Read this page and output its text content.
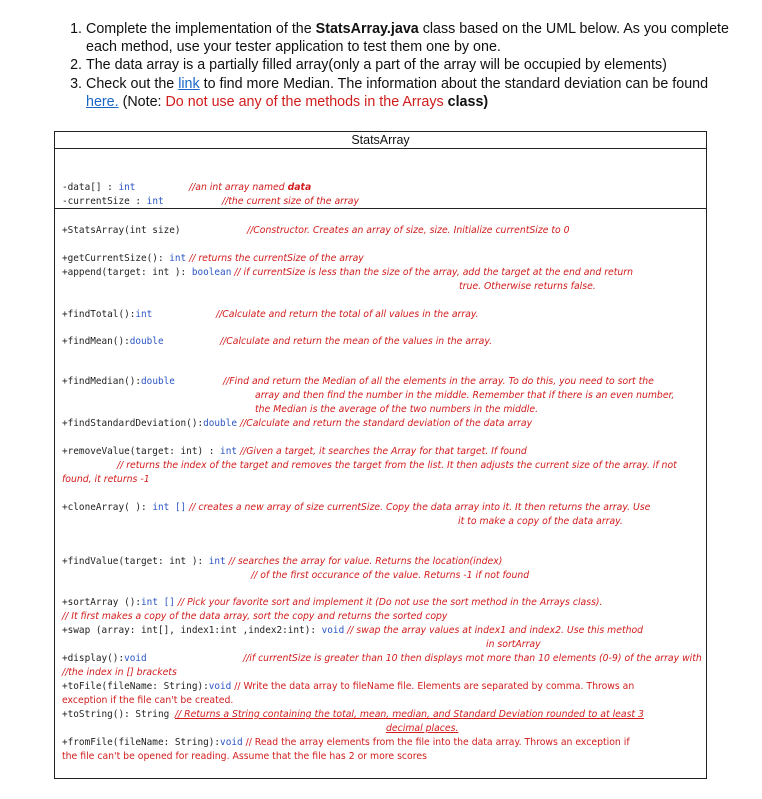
1. Complete the implementation of the StatsArray.java class based on the UML below. As you complete each method, use your tester application to test them one by one.
2. The data array is a partially filled array(only a part of the array will be occupied by elements)
3. Check out the link to find more Median. The information about the standard deviation can be found here. (Note: Do not use any of the methods in the Arrays class)
StatsArray
-data[] : int	//an int array named data
-currentSize : int	//the current size of the array
+StatsArray(int size)	//Constructor. Creates an array of size, size. Initialize currentSize to 0
+getCurrentSize(): int // returns the currentSize of the array
+append(target: int ): boolean // if currentSize is less than the size of the array, add the target at the end and return
true. Otherwise returns false.
+findTotal():int	//Calculate and return the total of all values in the array.
+findMean():double	//Calculate and return the mean of the values in the array.
+findMedian():double	//Find and return the Median of all the elements in the array. To do this, you need to sort the
array and then find the number in the middle. Remember that if there is an even number,
the Median is the average of the two numbers in the middle.
+findStandardDeviation():double //Calculate and return the standard deviation of the data array
+removeValue(target: int) : int //Given a target, it searches the Array for that target. If found
// returns the index of the target and removes the target from the list. It then adjusts the current size of the array. if not
found, it returns -1
+cloneArray( ): int [] // creates a new array of size currentSize. Copy the data array into it. It then returns the array. Use
it to make a copy of the data array.
+findValue(target: int ): int // searches the array for value. Returns the location(index)
// of the first occurance of the value. Returns -1 if not found
+sortArray ():int [] // Pick your favorite sort and implement it (Do not use the sort method in the Arrays class).
// It first makes a copy of the data array, sort the copy and returns the sorted copy
+swap (array: int[], index1:int ,index2:int): void // swap the array values at index1 and index2. Use this method
in sortArray
+display():void	//if currentSize is greater than 10 then displays mot more than 10 elements (0-9) of the array with
//the index in [] brackets
+toFile(fileName: String):void // Write the data array to fileName file. Elements are separated by comma. Throws an
exception if the file can't be created.
+toString(): String // Returns a String containing the total, mean, median, and Standard Deviation rounded to at least 3
decimal places.
+fromFile(fileName: String):void // Read the array elements from the file into the data array. Throws an exception if
the file can't be opened for reading. Assume that the file has 2 or more scores
